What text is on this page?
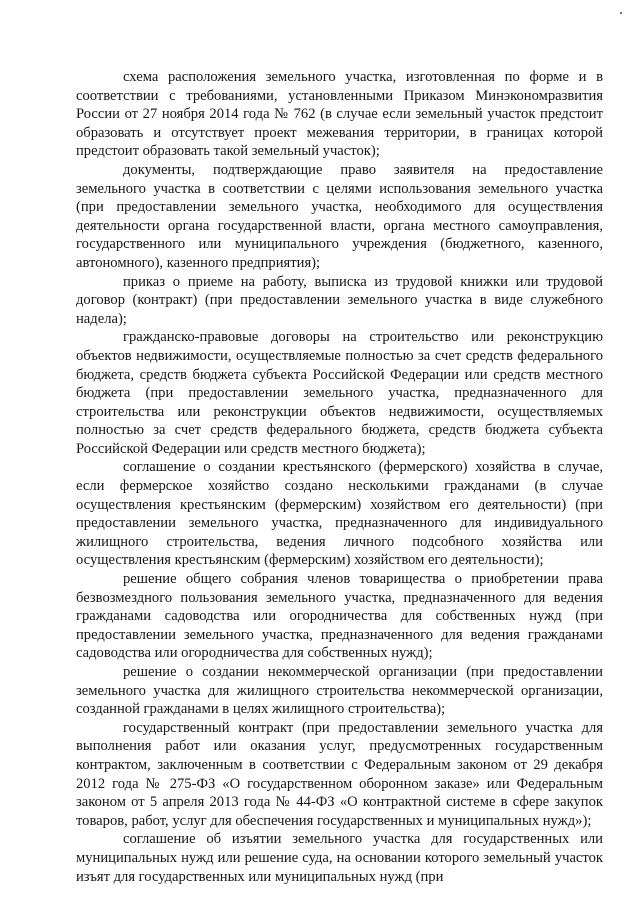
схема расположения земельного участка, изготовленная по форме и в соответствии с требованиями, установленными Приказом Минэкономразвития России от 27 ноября 2014 года № 762 (в случае если земельный участок предстоит образовать и отсутствует проект межевания территории, в границах которой предстоит образовать такой земельный участок);

документы, подтверждающие право заявителя на предоставление земельного участка в соответствии с целями использования земельного участка (при предоставлении земельного участка, необходимого для осуществления деятельности органа государственной власти, органа местного самоуправления, государственного или муниципального учреждения (бюджетного, казенного, автономного), казенного предприятия);

приказ о приеме на работу, выписка из трудовой книжки или трудовой договор (контракт) (при предоставлении земельного участка в виде служебного надела);

гражданско-правовые договоры на строительство или реконструкцию объектов недвижимости, осуществляемые полностью за счет средств федерального бюджета, средств бюджета субъекта Российской Федерации или средств местного бюджета (при предоставлении земельного участка, предназначенного для строительства или реконструкции объектов недвижимости, осуществляемых полностью за счет средств федерального бюджета, средств бюджета субъекта Российской Федерации или средств местного бюджета);

соглашение о создании крестьянского (фермерского) хозяйства в случае, если фермерское хозяйство создано несколькими гражданами (в случае осуществления крестьянским (фермерским) хозяйством его деятельности) (при предоставлении земельного участка, предназначенного для индивидуального жилищного строительства, ведения личного подсобного хозяйства или осуществления крестьянским (фермерским) хозяйством его деятельности);

решение общего собрания членов товарищества о приобретении права безвозмездного пользования земельного участка, предназначенного для ведения гражданами садоводства или огородничества для собственных нужд (при предоставлении земельного участка, предназначенного для ведения гражданами садоводства или огородничества для собственных нужд);

решение о создании некоммерческой организации (при предоставлении земельного участка для жилищного строительства некоммерческой организации, созданной гражданами в целях жилищного строительства);

государственный контракт (при предоставлении земельного участка для выполнения работ или оказания услуг, предусмотренных государственным контрактом, заключенным в соответствии с Федеральным законом от 29 декабря 2012 года № 275-ФЗ «О государственном оборонном заказе» или Федеральным законом от 5 апреля 2013 года № 44-ФЗ «О контрактной системе в сфере закупок товаров, работ, услуг для обеспечения государственных и муниципальных нужд»);

соглашение об изъятии земельного участка для государственных или муниципальных нужд или решение суда, на основании которого земельный участок изъят для государственных или муниципальных нужд (при
